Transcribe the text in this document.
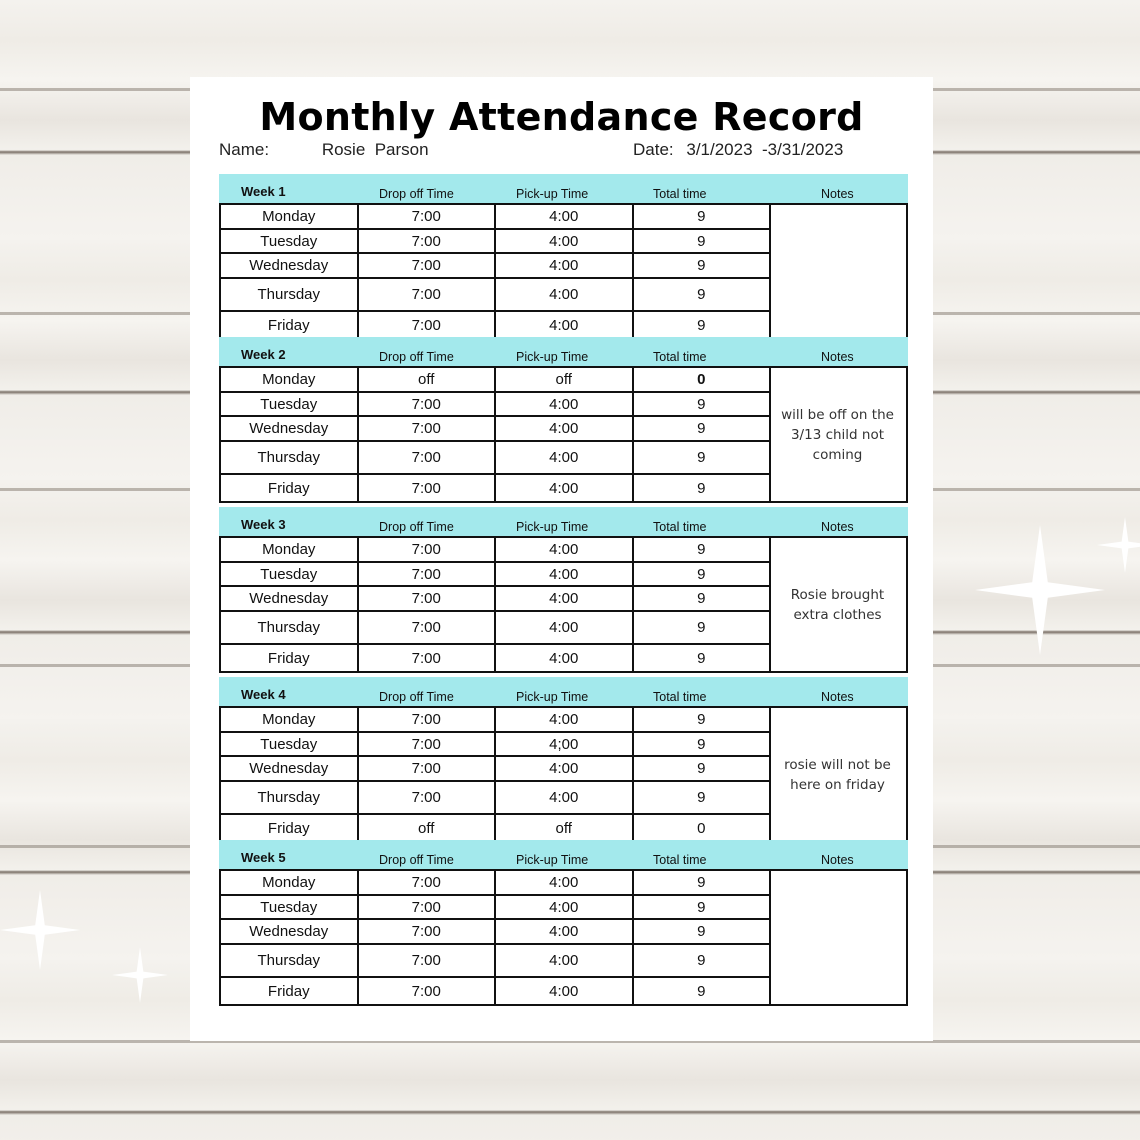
Monthly Attendance Record
Name:	Rosie  Parson	Date: 3/1/2023  -3/31/2023
Week 1	Drop off Time	Pick-up Time	Total time	Notes
Monday	7:00	4:00	9
Tuesday	7:00	4:00	9
Wednesday	7:00	4:00	9
Thursday	7:00	4:00	9
Friday	7:00	4:00	9
Week 2	Drop off Time	Pick-up Time	Total time	Notes
Monday	off	off	0
Tuesday	7:00	4:00	9
Wednesday	7:00	4:00	9
Thursday	7:00	4:00	9
Friday	7:00	4:00	9
will be off on the 3/13 child not coming
Week 3	Drop off Time	Pick-up Time	Total time	Notes
Monday	7:00	4:00	9
Tuesday	7:00	4:00	9
Wednesday	7:00	4:00	9
Thursday	7:00	4:00	9
Friday	7:00	4:00	9
Rosie brought extra clothes
Week 4	Drop off Time	Pick-up Time	Total time	Notes
Monday	7:00	4:00	9
Tuesday	7:00	4;00	9
Wednesday	7:00	4:00	9
Thursday	7:00	4:00	9
Friday	off	off	0
rosie will not be here on friday
Week 5	Drop off Time	Pick-up Time	Total time	Notes
Monday	7:00	4:00	9
Tuesday	7:00	4:00	9
Wednesday	7:00	4:00	9
Thursday	7:00	4:00	9
Friday	7:00	4:00	9
